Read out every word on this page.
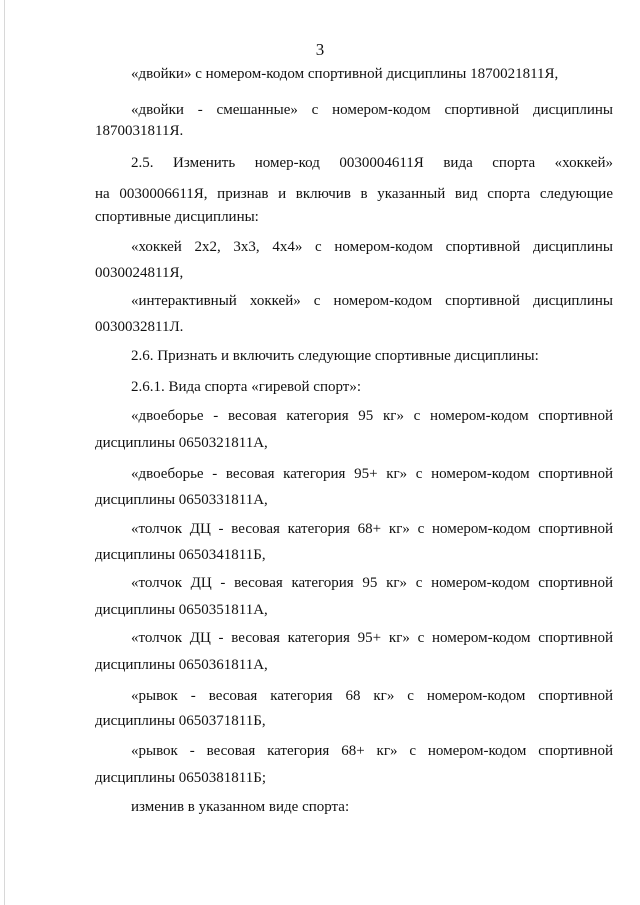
3
«двойки» с номером-кодом спортивной дисциплины 1870021811Я,
«двойки - смешанные» с номером-кодом спортивной дисциплины
1870031811Я.
2.5. Изменить номер-код 0030004611Я вида спорта «хоккей»
на 0030006611Я, признав и включив в указанный вид спорта следующие
спортивные дисциплины:
«хоккей 2x2, 3x3, 4x4» с номером-кодом спортивной дисциплины
0030024811Я,
«интерактивный хоккей» с номером-кодом спортивной дисциплины
0030032811Л.
2.6. Признать и включить следующие спортивные дисциплины:
2.6.1. Вида спорта «гиревой спорт»:
«двоеборье - весовая категория 95 кг» с номером-кодом спортивной
дисциплины 0650321811А,
«двоеборье - весовая категория 95+ кг» с номером-кодом спортивной
дисциплины 0650331811А,
«толчок ДЦ - весовая категория 68+ кг» с номером-кодом спортивной
дисциплины 0650341811Б,
«толчок ДЦ - весовая категория 95 кг» с номером-кодом спортивной
дисциплины 0650351811А,
«толчок ДЦ - весовая категория 95+ кг» с номером-кодом спортивной
дисциплины 0650361811А,
«рывок - весовая категория 68 кг» с номером-кодом спортивной
дисциплины 0650371811Б,
«рывок - весовая категория 68+ кг» с номером-кодом спортивной
дисциплины 0650381811Б;
изменив в указанном виде спорта:
